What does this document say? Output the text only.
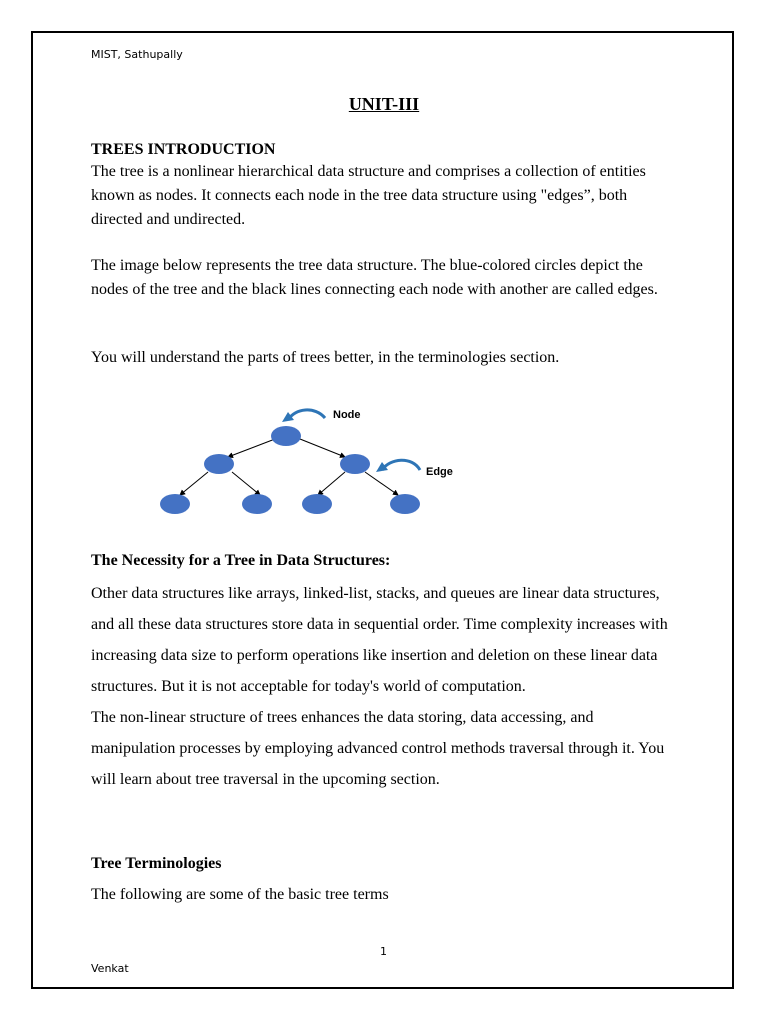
MIST, Sathupally
UNIT-III
TREES INTRODUCTION
The tree is a nonlinear hierarchical data structure and comprises a collection of entities known as nodes. It connects each node in the tree data structure using "edges”, both directed and undirected.
The image below represents the tree data structure. The blue-colored circles depict the nodes of the tree and the black lines connecting each node with another are called edges.
You will understand the parts of trees better, in the terminologies section.
Node
Edge
The Necessity for a Tree in Data Structures:

Other data structures like arrays, linked-list, stacks, and queues are linear data structures, and all these data structures store data in sequential order. Time complexity increases with increasing data size to perform operations like insertion and deletion on these linear data structures. But it is not acceptable for today's world of computation.

The non-linear structure of trees enhances the data storing, data accessing, and manipulation processes by employing advanced control methods traversal through it. You will learn about tree traversal in the upcoming section.

Tree Terminologies
The following are some of the basic tree terms
1
Venkat
